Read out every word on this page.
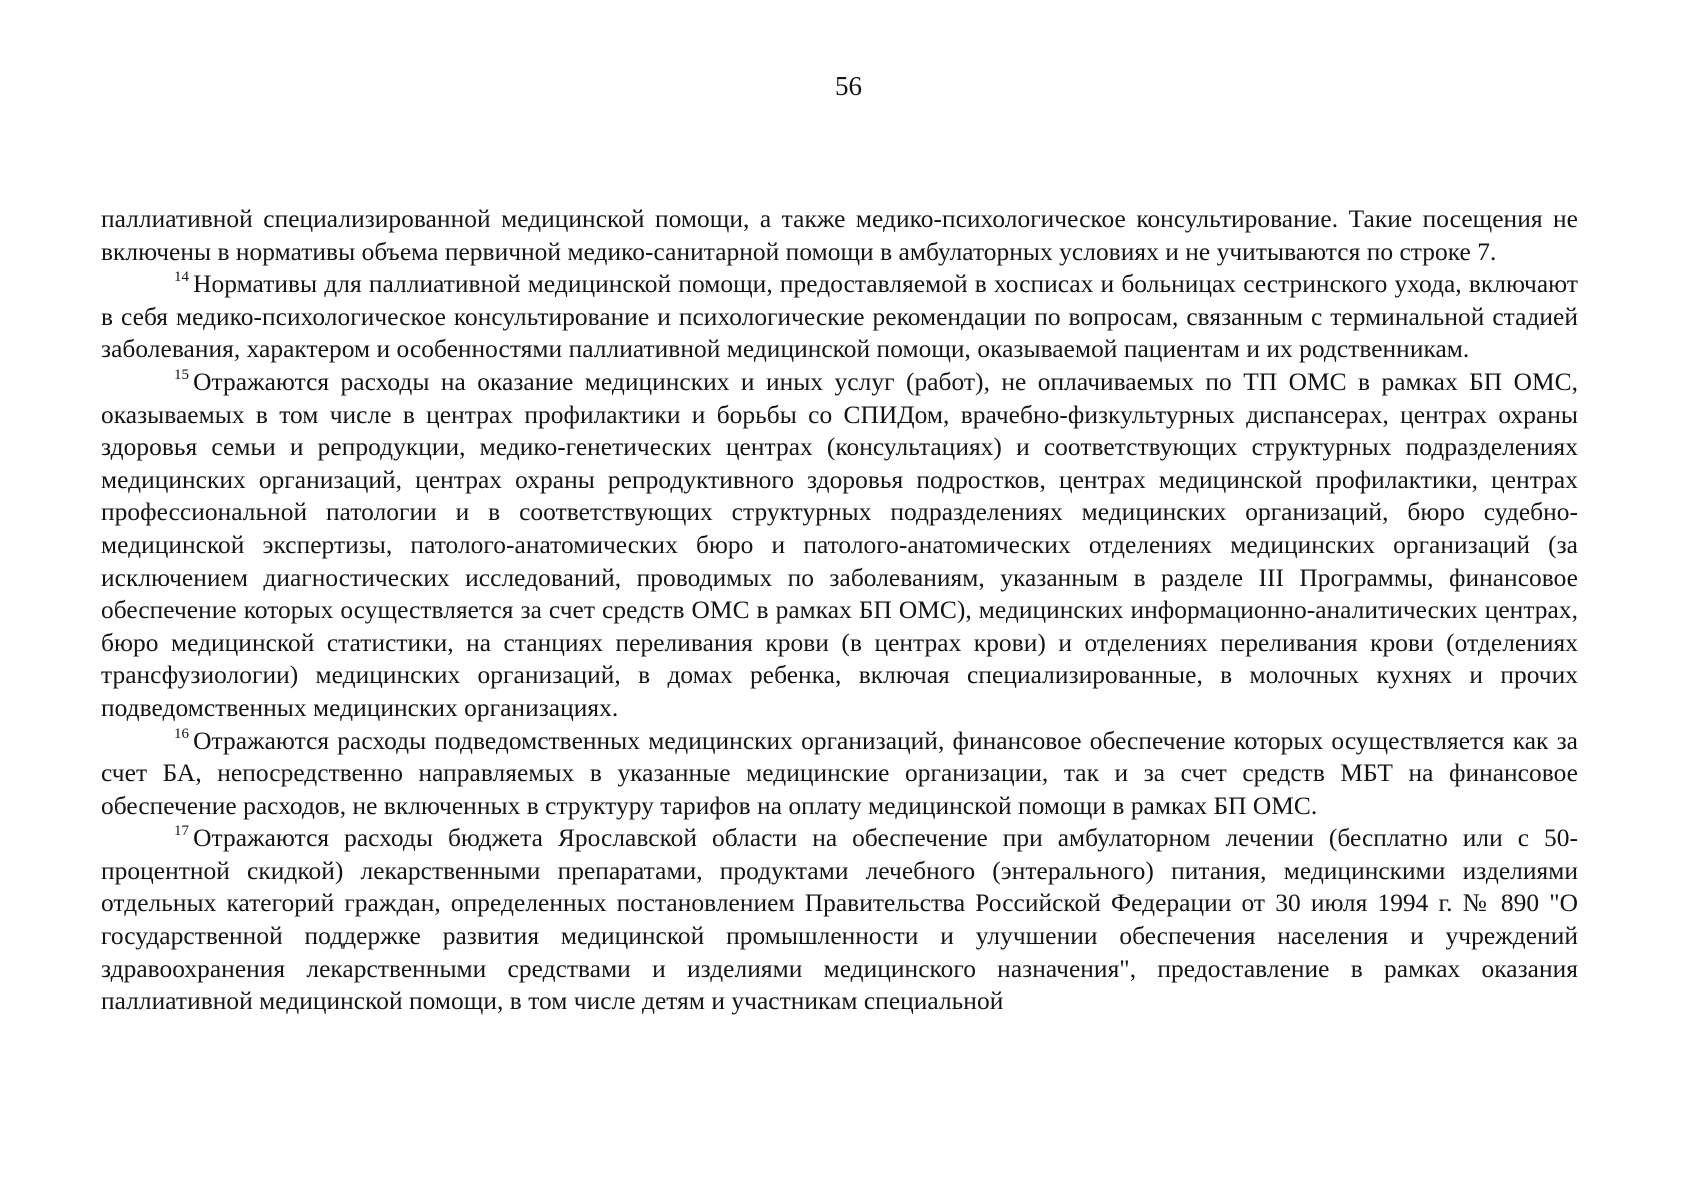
56

паллиативной специализированной медицинской помощи, а также медико-психологическое консультирование. Такие посещения не включены в нормативы объема первичной медико-санитарной помощи в амбулаторных условиях и не учитываются по строке 7.

$^{14}$ Нормативы для паллиативной медицинской помощи, предоставляемой в хосписах и больницах сестринского ухода, включают в себя медико-психологическое консультирование и психологические рекомендации по вопросам, связанным с терминальной стадией заболевания, характером и особенностями паллиативной медицинской помощи, оказываемой пациентам и их родственникам.

$^{15}$ Отражаются расходы на оказание медицинских и иных услуг (работ), не оплачиваемых по ТП ОМС в рамках БП ОМС, оказываемых в том числе в центрах профилактики и борьбы со СПИДом, врачебно-физкультурных диспансерах, центрах охраны здоровья семьи и репродукции, медико-генетических центрах (консультациях) и соответствующих структурных подразделениях медицинских организаций, центрах охраны репродуктивного здоровья подростков, центрах медицинской профилактики, центрах профессиональной патологии и в соответствующих структурных подразделениях медицинских организаций, бюро судебно-медицинской экспертизы, патолого-анатомических бюро и патолого-анатомических отделениях медицинских организаций (за исключением диагностических исследований, проводимых по заболеваниям, указанным в разделе III Программы, финансовое обеспечение которых осуществляется за счет средств ОМС в рамках БП ОМС), медицинских информационно-аналитических центрах, бюро медицинской статистики, на станциях переливания крови (в центрах крови) и отделениях переливания крови (отделениях трансфузиологии) медицинских организаций, в домах ребенка, включая специализированные, в молочных кухнях и прочих подведомственных медицинских организациях.

$^{16}$ Отражаются расходы подведомственных медицинских организаций, финансовое обеспечение которых осуществляется как за счет БА, непосредственно направляемых в указанные медицинские организации, так и за счет средств МБТ на финансовое обеспечение расходов, не включенных в структуру тарифов на оплату медицинской помощи в рамках БП ОМС.

$^{17}$ Отражаются расходы бюджета Ярославской области на обеспечение при амбулаторном лечении (бесплатно или с 50-процентной скидкой) лекарственными препаратами, продуктами лечебного (энтерального) питания, медицинскими изделиями отдельных категорий граждан, определенных постановлением Правительства Российской Федерации от 30 июля 1994 г. № 890 "О государственной поддержке развития медицинской промышленности и улучшении обеспечения населения и учреждений здравоохранения лекарственными средствами и изделиями медицинского назначения", предоставление в рамках оказания паллиативной медицинской помощи, в том числе детям и участникам специальной
